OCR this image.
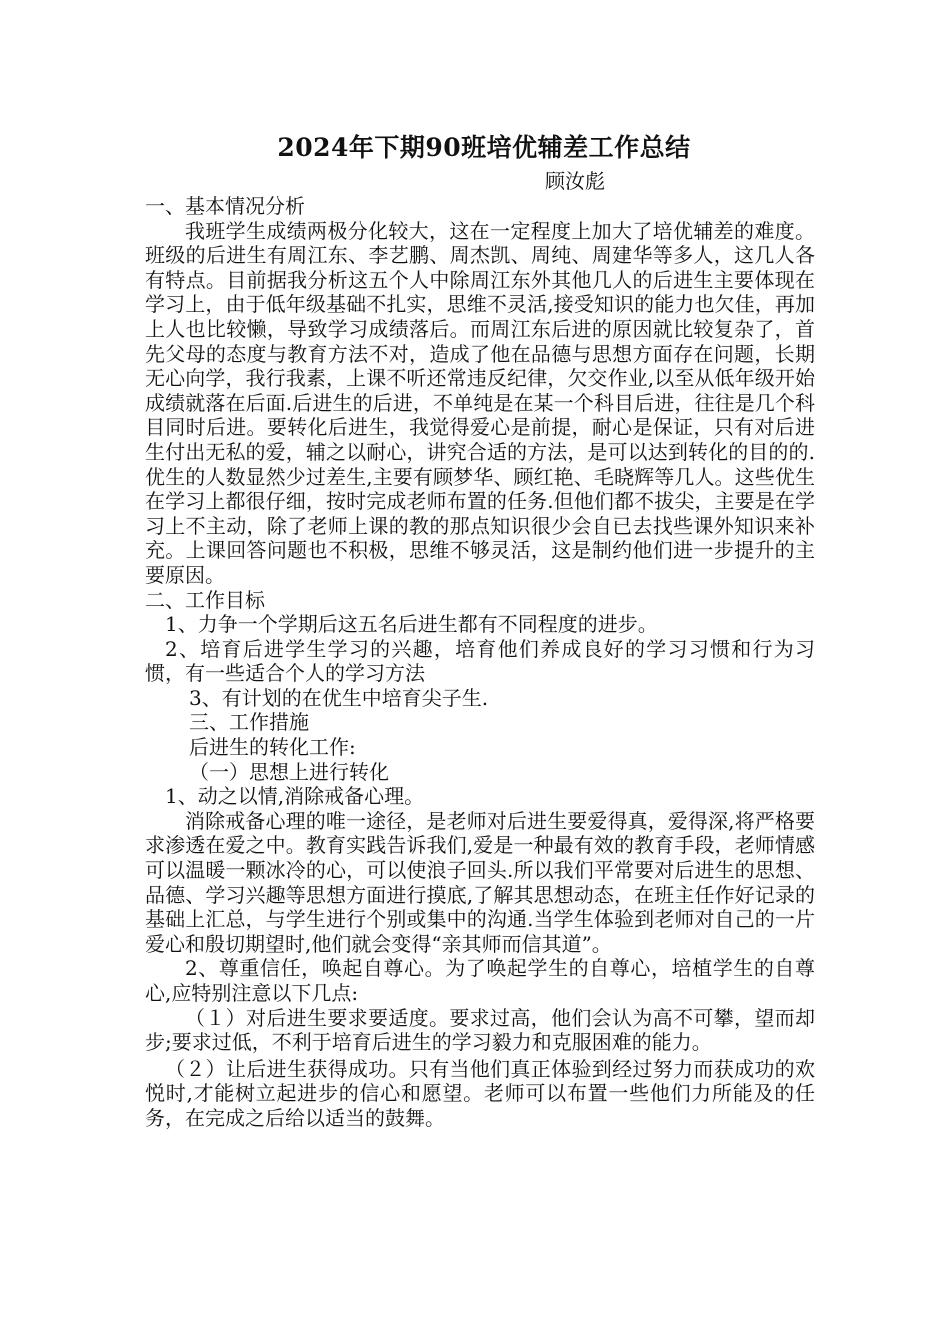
2024年下期90班培优辅差工作总结
顾汝彪

一、基本情况分析

我班学生成绩两极分化较大，这在一定程度上加大了培优辅差的难度。班级的后进生有周江东、李艺鹏、周杰凯、周纯、周建华等多人，这几人各有特点。目前据我分析这五个人中除周江东外其他几人的后进生主要体现在学习上，由于低年级基础不扎实，思维不灵活,接受知识的能力也欠佳，再加上人也比较懒，导致学习成绩落后。而周江东后进的原因就比较复杂了，首先父母的态度与教育方法不对，造成了他在品德与思想方面存在问题，长期无心向学，我行我素，上课不听还常违反纪律，欠交作业,以至从低年级开始成绩就落在后面.后进生的后进，不单纯是在某一个科目后进，往往是几个科目同时后进。要转化后进生，我觉得爱心是前提，耐心是保证，只有对后进生付出无私的爱，辅之以耐心，讲究合适的方法，是可以达到转化的目的的. 优生的人数显然少过差生,主要有顾梦华、顾红艳、毛晓辉等几人。这些优生在学习上都很仔细，按时完成老师布置的任务.但他们都不拔尖，主要是在学习上不主动，除了老师上课的教的那点知识很少会自已去找些课外知识来补充。上课回答问题也不积极，思维不够灵活，这是制约他们进一步提升的主要原因。

二、工作目标

1、力争一个学期后这五名后进生都有不同程度的进步。

2、培育后进学生学习的兴趣，培育他们养成良好的学习习惯和行为习惯，有一些适合个人的学习方法

3、有计划的在优生中培育尖子生.

三、工作措施

后进生的转化工作:

（一）思想上进行转化

1、动之以情,消除戒备心理。

消除戒备心理的唯一途径，是老师对后进生要爱得真，爱得深,将严格要求渗透在爱之中。教育实践告诉我们,爱是一种最有效的教育手段，老师情感可以温暖一颗冰冷的心，可以使浪子回头.所以我们平常要对后进生的思想、品德、学习兴趣等思想方面进行摸底,了解其思想动态，在班主任作好记录的基础上汇总，与学生进行个别或集中的沟通.当学生体验到老师对自己的一片爱心和殷切期望时,他们就会变得“亲其师而信其道”。

2、尊重信任，唤起自尊心。为了唤起学生的自尊心，培植学生的自尊心,应特别注意以下几点:

（１）对后进生要求要适度。要求过高，他们会认为高不可攀，望而却步;要求过低，不利于培育后进生的学习毅力和克服困难的能力。

（２）让后进生获得成功。只有当他们真正体验到经过努力而获成功的欢悦时,才能树立起进步的信心和愿望。老师可以布置一些他们力所能及的任务，在完成之后给以适当的鼓舞。
